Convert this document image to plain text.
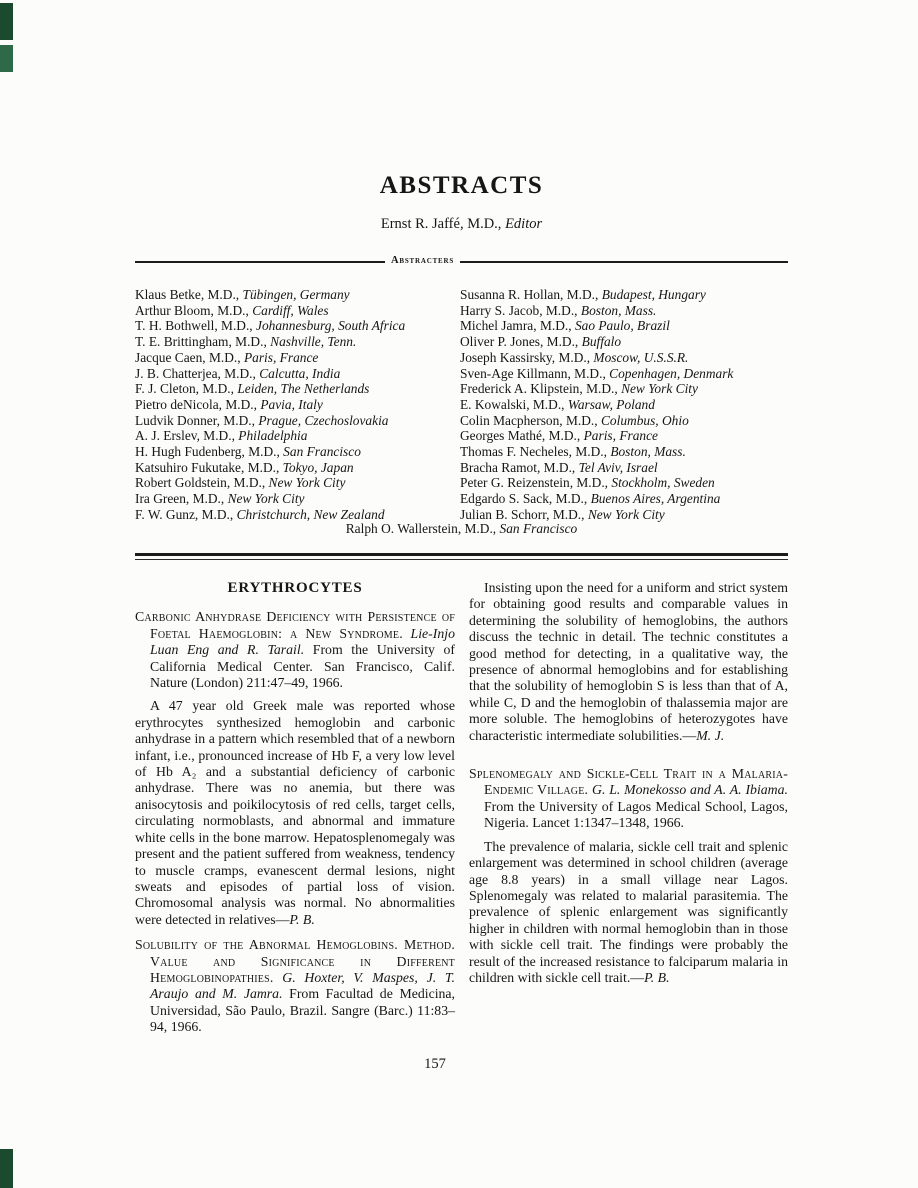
ABSTRACTS
Ernst R. Jaffé, M.D., Editor
Abstracters
Klaus Betke, M.D., Tübingen, Germany
Arthur Bloom, M.D., Cardiff, Wales
T. H. Bothwell, M.D., Johannesburg, South Africa
T. E. Brittingham, M.D., Nashville, Tenn.
Jacque Caen, M.D., Paris, France
J. B. Chatterjea, M.D., Calcutta, India
F. J. Cleton, M.D., Leiden, The Netherlands
Pietro deNicola, M.D., Pavia, Italy
Ludvik Donner, M.D., Prague, Czechoslovakia
A. J. Erslev, M.D., Philadelphia
H. Hugh Fudenberg, M.D., San Francisco
Katsuhiro Fukutake, M.D., Tokyo, Japan
Robert Goldstein, M.D., New York City
Ira Green, M.D., New York City
F. W. Gunz, M.D., Christchurch, New Zealand
Susanna R. Hollan, M.D., Budapest, Hungary
Harry S. Jacob, M.D., Boston, Mass.
Michel Jamra, M.D., Sao Paulo, Brazil
Oliver P. Jones, M.D., Buffalo
Joseph Kassirsky, M.D., Moscow, U.S.S.R.
Sven-Age Killmann, M.D., Copenhagen, Denmark
Frederick A. Klipstein, M.D., New York City
E. Kowalski, M.D., Warsaw, Poland
Colin Macpherson, M.D., Columbus, Ohio
Georges Mathé, M.D., Paris, France
Thomas F. Necheles, M.D., Boston, Mass.
Bracha Ramot, M.D., Tel Aviv, Israel
Peter G. Reizenstein, M.D., Stockholm, Sweden
Edgardo S. Sack, M.D., Buenos Aires, Argentina
Julian B. Schorr, M.D., New York City
Ralph O. Wallerstein, M.D., San Francisco
ERYTHROCYTES

Carbonic Anhydrase Deficiency with Persistence of Foetal Haemoglobin: a New Syndrome. Lie-Injo Luan Eng and R. Tarail. From the University of California Medical Center. San Francisco, Calif. Nature (London) 211:47–49, 1966.

A 47 year old Greek male was reported whose erythrocytes synthesized hemoglobin and carbonic anhydrase in a pattern which resembled that of a newborn infant, i.e., pronounced increase of Hb F, a very low level of Hb A₂ and a substantial deficiency of carbonic anhydrase. There was no anemia, but there was anisocytosis and poikilocytosis of red cells, target cells, circulating normoblasts, and abnormal and immature white cells in the bone marrow. Hepatosplenomegaly was present and the patient suffered from weakness, tendency to muscle cramps, evanescent dermal lesions, night sweats and episodes of partial loss of vision. Chromosomal analysis was normal. No abnormalities were detected in relatives—P. B.

Solubility of the Abnormal Hemoglobins. Method. Value and Significance in Different Hemoglobinopathies. G. Hoxter, V. Maspes, J. T. Araujo and M. Jamra. From Facultad de Medicina, Universidad, São Paulo, Brazil. Sangre (Barc.) 11:83–94, 1966.

Insisting upon the need for a uniform and strict system for obtaining good results and comparable values in determining the solubility of hemoglobins, the authors discuss the technic in detail. The technic constitutes a good method for detecting, in a qualitative way, the presence of abnormal hemoglobins and for establishing that the solubility of hemoglobin S is less than that of A, while C, D and the hemoglobin of thalassemia major are more soluble. The hemoglobins of heterozygotes have characteristic intermediate solubilities.—M. J.

Splenomegaly and Sickle-Cell Trait in a Malaria-Endemic Village. G. L. Monekosso and A. A. Ibiama. From the University of Lagos Medical School, Lagos, Nigeria. Lancet 1:1347–1348, 1966.

The prevalence of malaria, sickle cell trait and splenic enlargement was determined in school children (average age 8.8 years) in a small village near Lagos. Splenomegaly was related to malarial parasitemia. The prevalence of splenic enlargement was significantly higher in children with normal hemoglobin than in those with sickle cell trait. The findings were probably the result of the increased resistance to falciparum malaria in children with sickle cell trait.—P. B.

157
